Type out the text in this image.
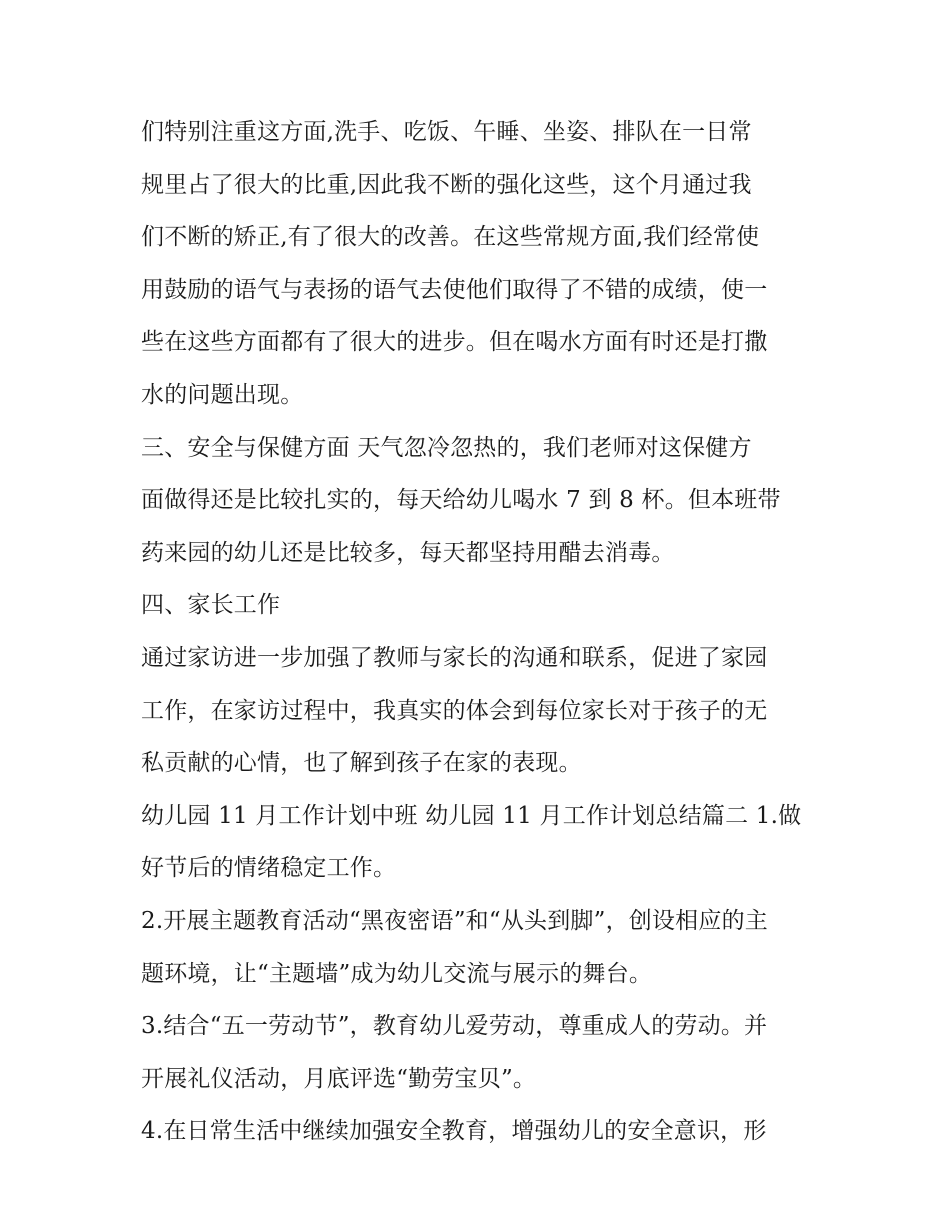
们特别注重这方面,洗手、吃饭、午睡、坐姿、排队在一日常
规里占了很大的比重,因此我不断的强化这些，这个月通过我
们不断的矫正,有了很大的改善。在这些常规方面,我们经常使
用鼓励的语气与表扬的语气去使他们取得了不错的成绩，使一
些在这些方面都有了很大的进步。但在喝水方面有时还是打撒
水的问题出现。

三、安全与保健方面 天气忽冷忽热的，我们老师对这保健方
面做得还是比较扎实的，每天给幼儿喝水 7 到 8 杯。但本班带
药来园的幼儿还是比较多，每天都坚持用醋去消毒。

四、家长工作

通过家访进一步加强了教师与家长的沟通和联系，促进了家园
工作，在家访过程中，我真实的体会到每位家长对于孩子的无
私贡献的心情，也了解到孩子在家的表现。

幼儿园 11 月工作计划中班 幼儿园 11 月工作计划总结篇二 1.做
好节后的情绪稳定工作。

2.开展主题教育活动“黑夜密语”和“从头到脚”，创设相应的主
题环境，让“主题墙”成为幼儿交流与展示的舞台。

3.结合“五一劳动节”，教育幼儿爱劳动，尊重成人的劳动。并
开展礼仪活动，月底评选“勤劳宝贝”。

4.在日常生活中继续加强安全教育，增强幼儿的安全意识，形
